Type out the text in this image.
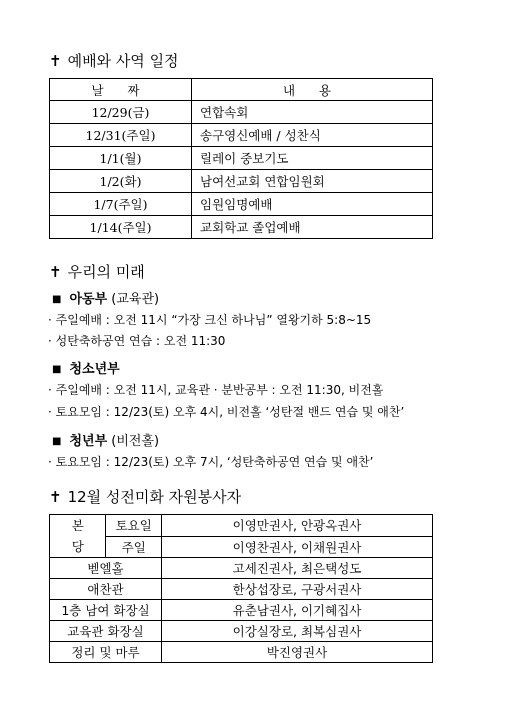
✝ 예배와 사역 일정
날 짜	내 용
12/29(금)	연합속회
12/31(주일)	송구영신예배 / 성찬식
1/1(월)	릴레이 중보기도
1/2(화)	남여선교회 연합임원회
1/7(주일)	임원임명예배
1/14(주일)	교회학교 졸업예배
✝ 우리의 미래
■ 아동부 (교육관)
· 주일예배 : 오전 11시 “가장 크신 하나님” 열왕기하 5:8~15
· 성탄축하공연 연습 : 오전 11:30
■ 청소년부
· 주일예배 : 오전 11시, 교육관 · 분반공부 : 오전 11:30, 비전홀
· 토요모임 : 12/23(토) 오후 4시, 비전홀 ‘성탄절 밴드 연습 및 애찬’
■ 청년부 (비전홀)
· 토요모임 : 12/23(토) 오후 7시, ‘성탄축하공연 연습 및 애찬’
✝ 12월 성전미화 자원봉사자
본
당	토요일	이영만권사, 안광옥권사
	주일	이영찬권사, 이채원권사
벧엘홀		고세진권사, 최은택성도
애찬관		한상섭장로, 구광서권사
1층 남여 화장실		유춘남권사, 이기혜집사
교육관 화장실		이강실장로, 최복심권사
정리 및 마루		박진영권사
